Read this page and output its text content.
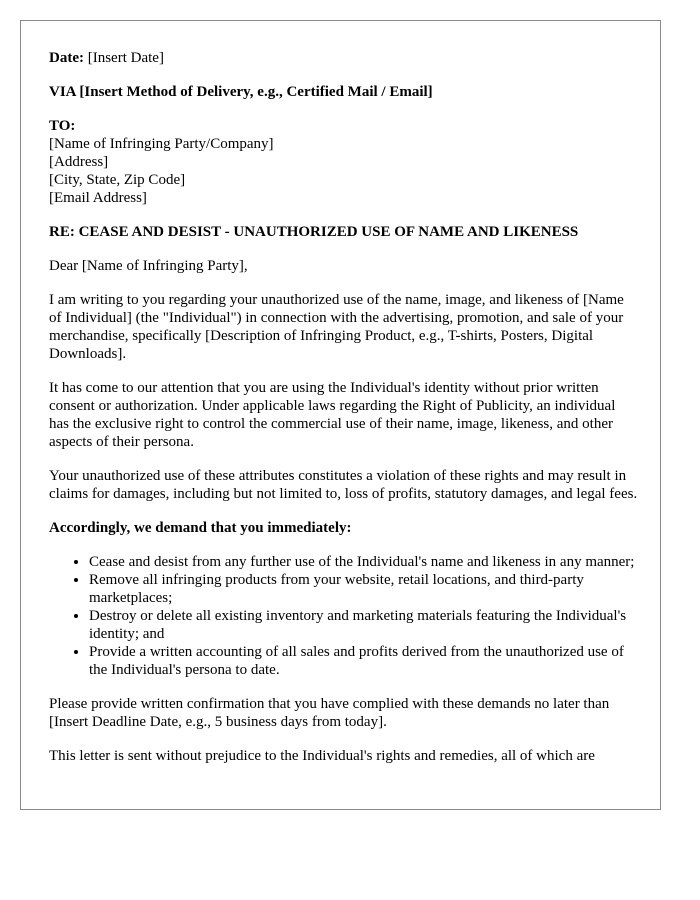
Date: [Insert Date]

VIA [Insert Method of Delivery, e.g., Certified Mail / Email]

TO:
[Name of Infringing Party/Company]
[Address]
[City, State, Zip Code]
[Email Address]

RE: CEASE AND DESIST - UNAUTHORIZED USE OF NAME AND LIKENESS

Dear [Name of Infringing Party],

I am writing to you regarding your unauthorized use of the name, image, and likeness of [Name of Individual] (the "Individual") in connection with the advertising, promotion, and sale of your merchandise, specifically [Description of Infringing Product, e.g., T-shirts, Posters, Digital Downloads].

It has come to our attention that you are using the Individual's identity without prior written consent or authorization. Under applicable laws regarding the Right of Publicity, an individual has the exclusive right to control the commercial use of their name, image, likeness, and other aspects of their persona.

Your unauthorized use of these attributes constitutes a violation of these rights and may result in claims for damages, including but not limited to, loss of profits, statutory damages, and legal fees.

Accordingly, we demand that you immediately:

• Cease and desist from any further use of the Individual's name and likeness in any manner;
• Remove all infringing products from your website, retail locations, and third-party marketplaces;
• Destroy or delete all existing inventory and marketing materials featuring the Individual's identity; and
• Provide a written accounting of all sales and profits derived from the unauthorized use of the Individual's persona to date.

Please provide written confirmation that you have complied with these demands no later than [Insert Deadline Date, e.g., 5 business days from today].

This letter is sent without prejudice to the Individual's rights and remedies, all of which are
